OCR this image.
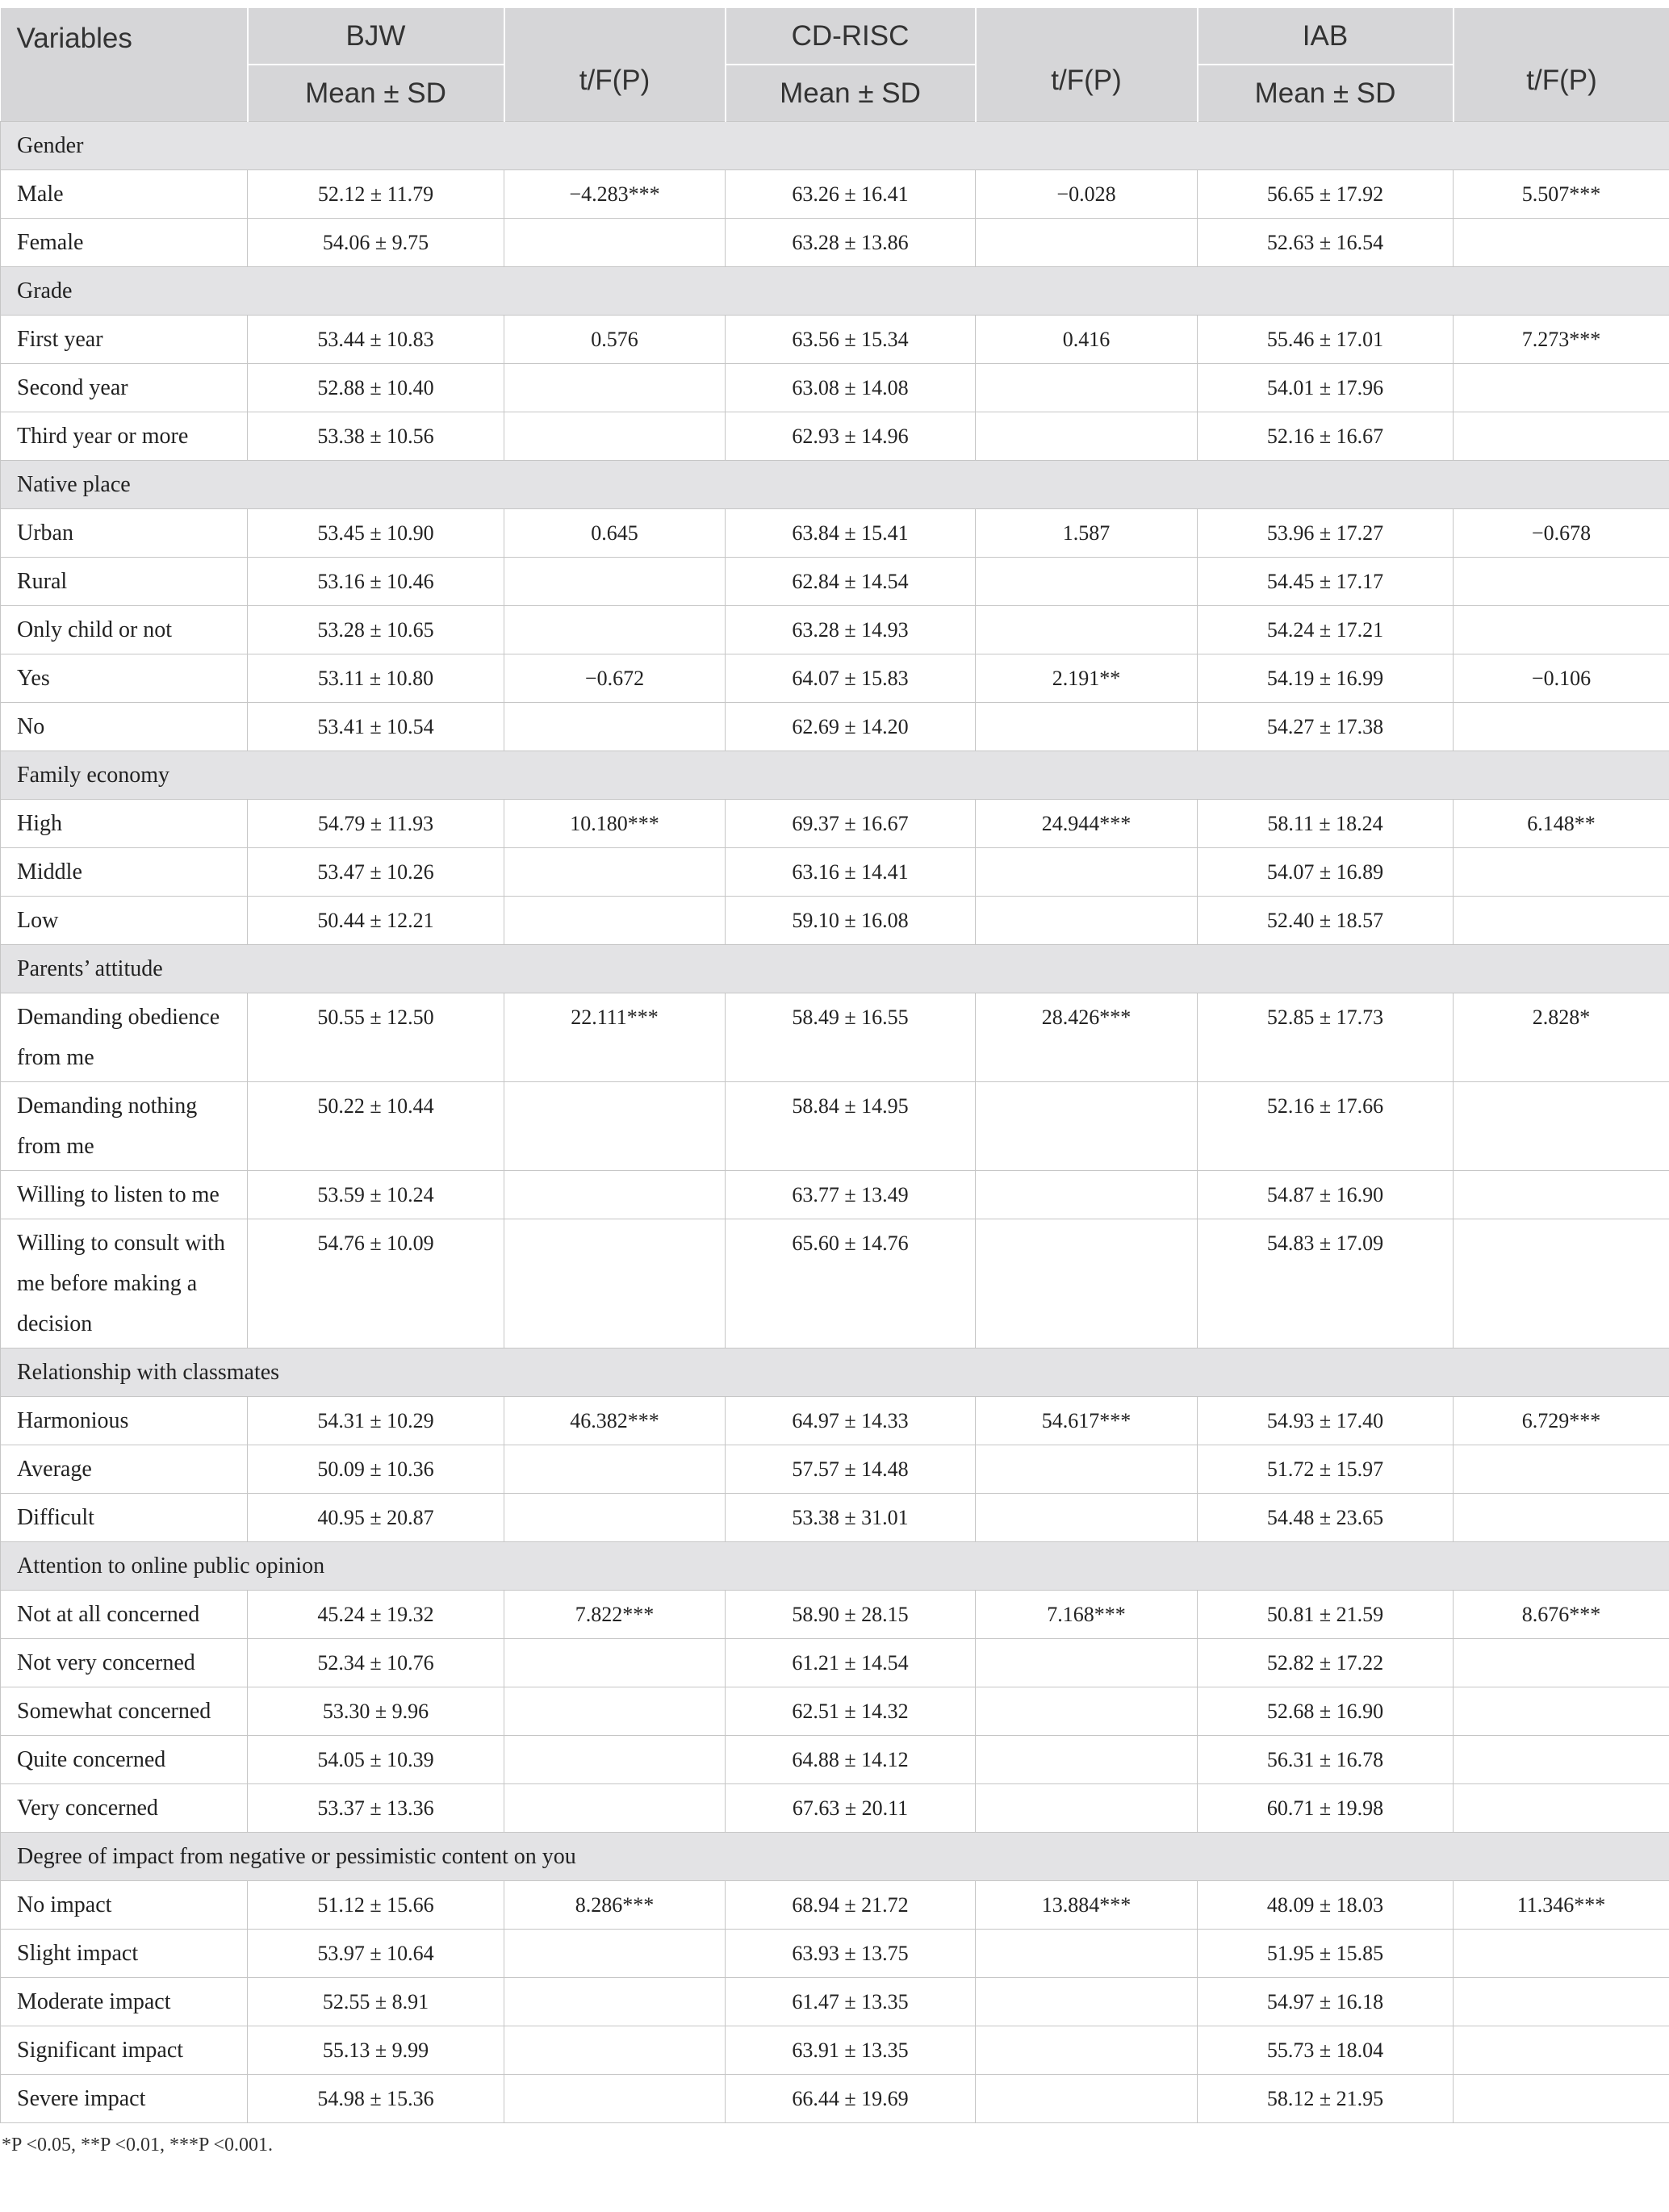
Variables	BJW	t/F(P)	CD-RISC	t/F(P)	IAB	t/F(P)
	Mean ± SD		Mean ± SD		Mean ± SD	
Gender						
Male	52.12 ± 11.79	−4.283***	63.26 ± 16.41	−0.028	56.65 ± 17.92	5.507***
Female	54.06 ± 9.75		63.28 ± 13.86		52.63 ± 16.54	
Grade						
First year	53.44 ± 10.83	0.576	63.56 ± 15.34	0.416	55.46 ± 17.01	7.273***
Second year	52.88 ± 10.40		63.08 ± 14.08		54.01 ± 17.96	
Third year or more	53.38 ± 10.56		62.93 ± 14.96		52.16 ± 16.67	
Native place						
Urban	53.45 ± 10.90	0.645	63.84 ± 15.41	1.587	53.96 ± 17.27	−0.678
Rural	53.16 ± 10.46		62.84 ± 14.54		54.45 ± 17.17	
Only child or not	53.28 ± 10.65		63.28 ± 14.93		54.24 ± 17.21	
Yes	53.11 ± 10.80	−0.672	64.07 ± 15.83	2.191**	54.19 ± 16.99	−0.106
No	53.41 ± 10.54		62.69 ± 14.20		54.27 ± 17.38	
Family economy						
High	54.79 ± 11.93	10.180***	69.37 ± 16.67	24.944***	58.11 ± 18.24	6.148**
Middle	53.47 ± 10.26		63.16 ± 14.41		54.07 ± 16.89	
Low	50.44 ± 12.21		59.10 ± 16.08		52.40 ± 18.57	
Parents’ attitude						
Demanding obedience from me	50.55 ± 12.50	22.111***	58.49 ± 16.55	28.426***	52.85 ± 17.73	2.828*
Demanding nothing from me	50.22 ± 10.44		58.84 ± 14.95		52.16 ± 17.66	
Willing to listen to me	53.59 ± 10.24		63.77 ± 13.49		54.87 ± 16.90	
Willing to consult with me before making a decision	54.76 ± 10.09		65.60 ± 14.76		54.83 ± 17.09	
Relationship with classmates						
Harmonious	54.31 ± 10.29	46.382***	64.97 ± 14.33	54.617***	54.93 ± 17.40	6.729***
Average	50.09 ± 10.36		57.57 ± 14.48		51.72 ± 15.97	
Difficult	40.95 ± 20.87		53.38 ± 31.01		54.48 ± 23.65	
Attention to online public opinion						
Not at all concerned	45.24 ± 19.32	7.822***	58.90 ± 28.15	7.168***	50.81 ± 21.59	8.676***
Not very concerned	52.34 ± 10.76		61.21 ± 14.54		52.82 ± 17.22	
Somewhat concerned	53.30 ± 9.96		62.51 ± 14.32		52.68 ± 16.90	
Quite concerned	54.05 ± 10.39		64.88 ± 14.12		56.31 ± 16.78	
Very concerned	53.37 ± 13.36		67.63 ± 20.11		60.71 ± 19.98	
Degree of impact from negative or pessimistic content on you						
No impact	51.12 ± 15.66	8.286***	68.94 ± 21.72	13.884***	48.09 ± 18.03	11.346***
Slight impact	53.97 ± 10.64		63.93 ± 13.75		51.95 ± 15.85	
Moderate impact	52.55 ± 8.91		61.47 ± 13.35		54.97 ± 16.18	
Significant impact	55.13 ± 9.99		63.91 ± 13.35		55.73 ± 18.04	
Severe impact	54.98 ± 15.36		66.44 ± 19.69		58.12 ± 21.95	
*P <0.05, **P <0.01, ***P <0.001.
